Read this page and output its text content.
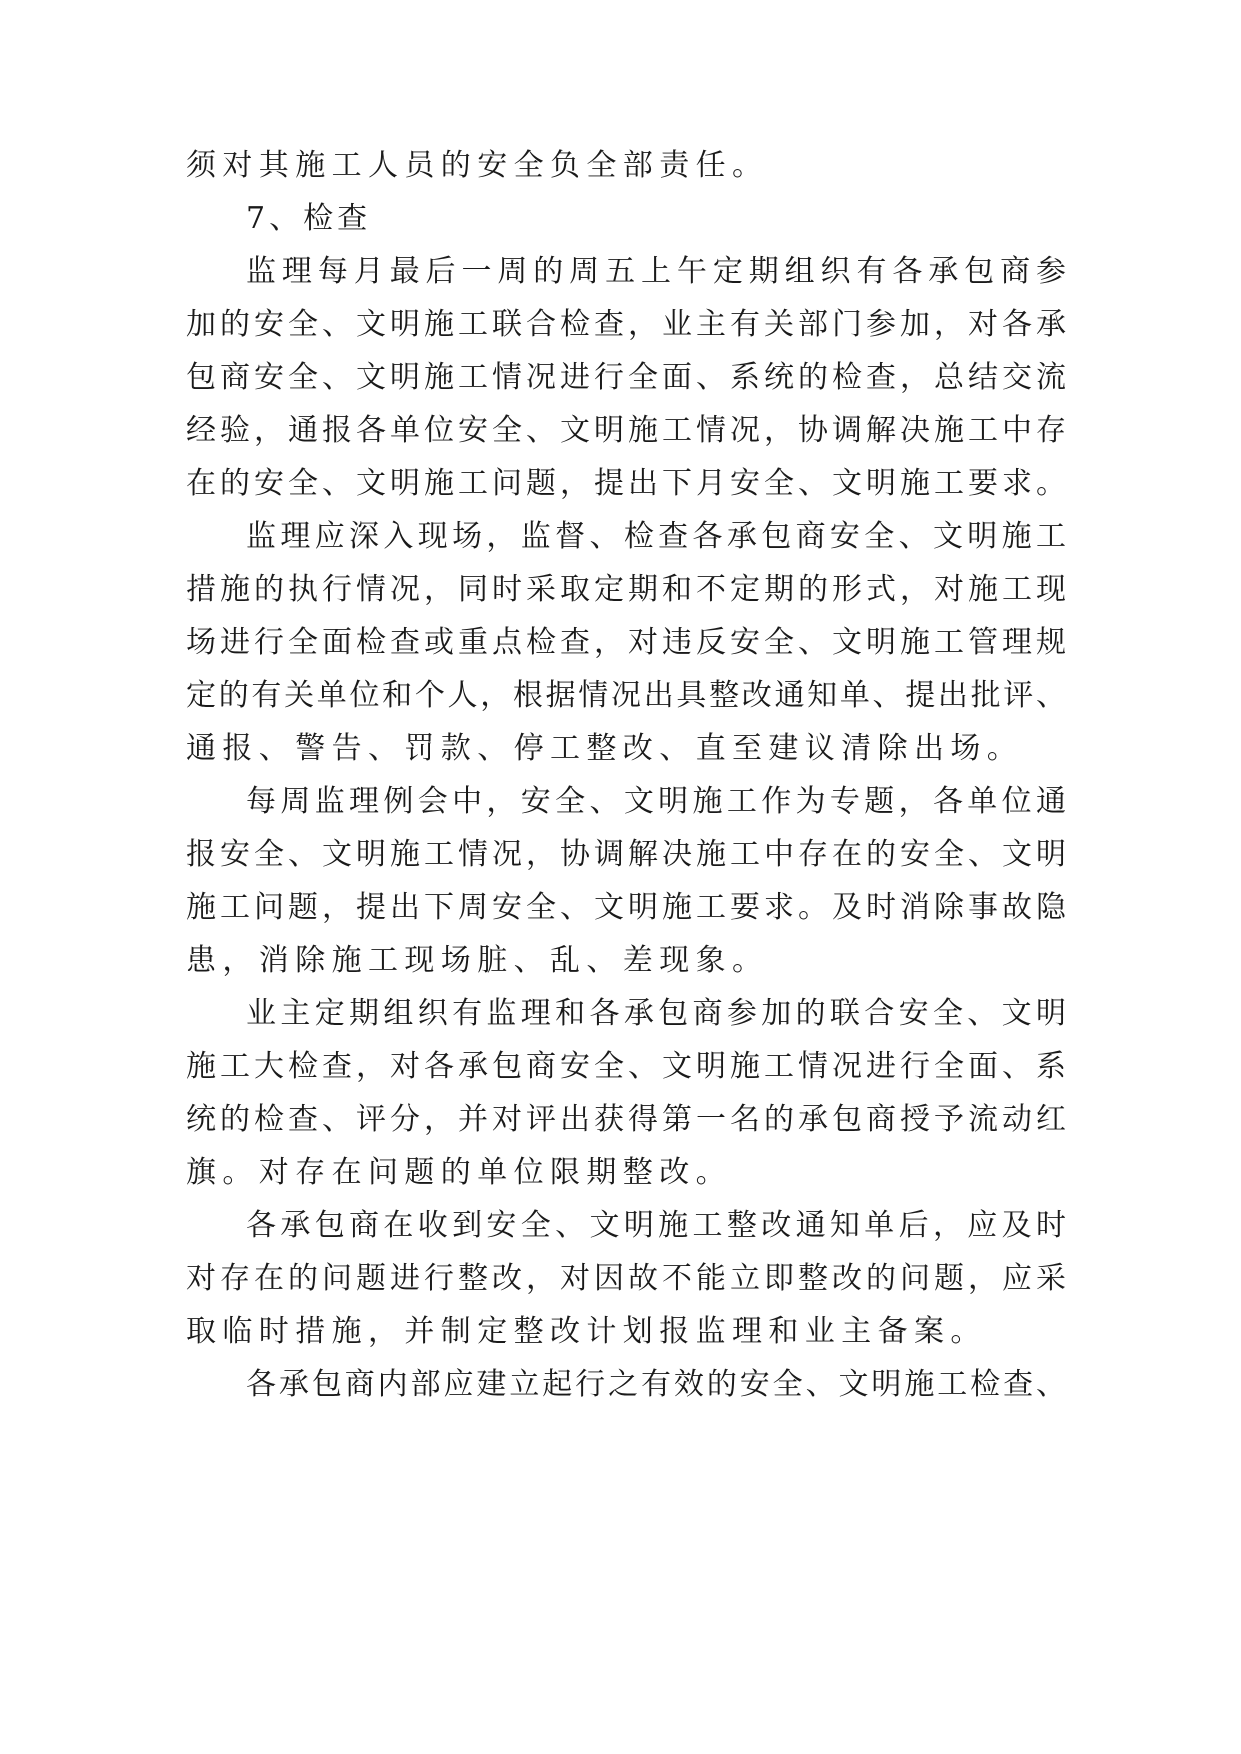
须对其施工人员的安全负全部责任。
7、检查
监理每月最后一周的周五上午定期组织有各承包商参
加的安全、文明施工联合检查，业主有关部门参加，对各承
包商安全、文明施工情况进行全面、系统的检查，总结交流
经验，通报各单位安全、文明施工情况，协调解决施工中存
在的安全、文明施工问题，提出下月安全、文明施工要求。
监理应深入现场，监督、检查各承包商安全、文明施工
措施的执行情况，同时采取定期和不定期的形式，对施工现
场进行全面检查或重点检查，对违反安全、文明施工管理规
定的有关单位和个人，根据情况出具整改通知单、提出批评、
通报、警告、罚款、停工整改、直至建议清除出场。
每周监理例会中，安全、文明施工作为专题，各单位通
报安全、文明施工情况，协调解决施工中存在的安全、文明
施工问题，提出下周安全、文明施工要求。及时消除事故隐
患，消除施工现场脏、乱、差现象。
业主定期组织有监理和各承包商参加的联合安全、文明
施工大检查，对各承包商安全、文明施工情况进行全面、系
统的检查、评分，并对评出获得第一名的承包商授予流动红
旗。对存在问题的单位限期整改。
各承包商在收到安全、文明施工整改通知单后，应及时
对存在的问题进行整改，对因故不能立即整改的问题，应采
取临时措施，并制定整改计划报监理和业主备案。
各承包商内部应建立起行之有效的安全、文明施工检查、
